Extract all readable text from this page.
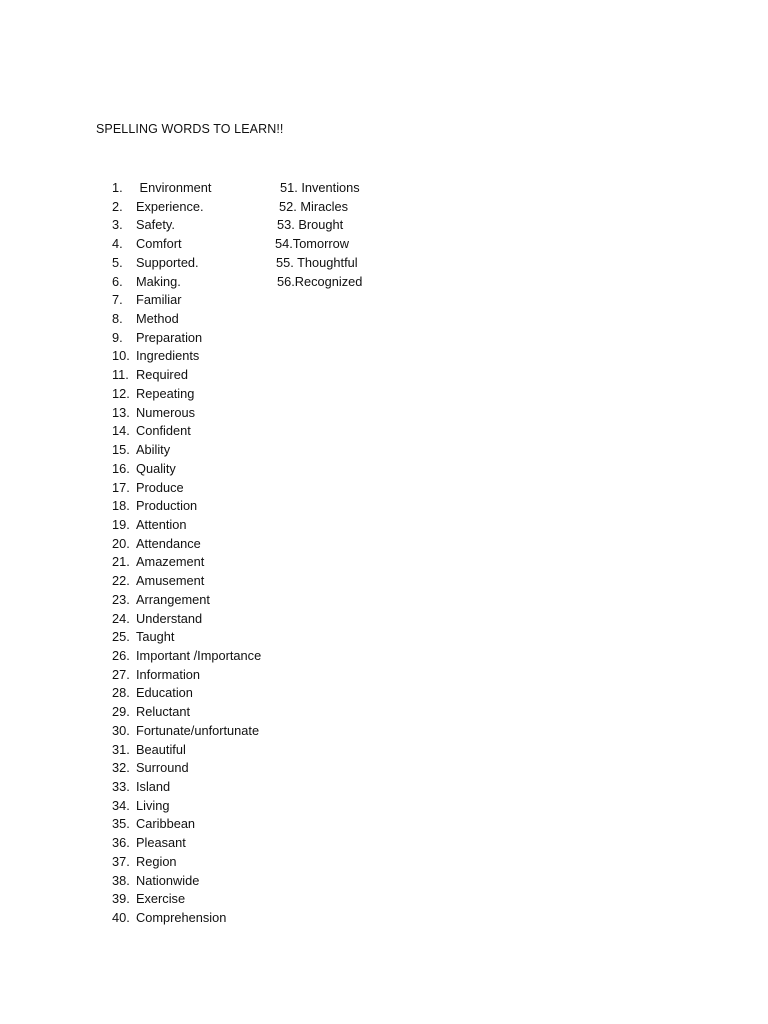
SPELLING WORDS TO LEARN!!
1. Environment
2. Experience.
3. Safety.
4. Comfort
5. Supported.
6. Making.
7. Familiar
8. Method
9. Preparation
10. Ingredients
11. Required
12. Repeating
13. Numerous
14. Confident
15. Ability
16. Quality
17. Produce
18. Production
19. Attention
20. Attendance
21. Amazement
22. Amusement
23. Arrangement
24. Understand
25. Taught
26. Important /Importance
27. Information
28. Education
29. Reluctant
30. Fortunate/unfortunate
31. Beautiful
32. Surround
33. Island
34. Living
35. Caribbean
36. Pleasant
37. Region
38. Nationwide
39. Exercise
40. Comprehension
51. Inventions
52. Miracles
53. Brought
54.Tomorrow
55. Thoughtful
56.Recognized
